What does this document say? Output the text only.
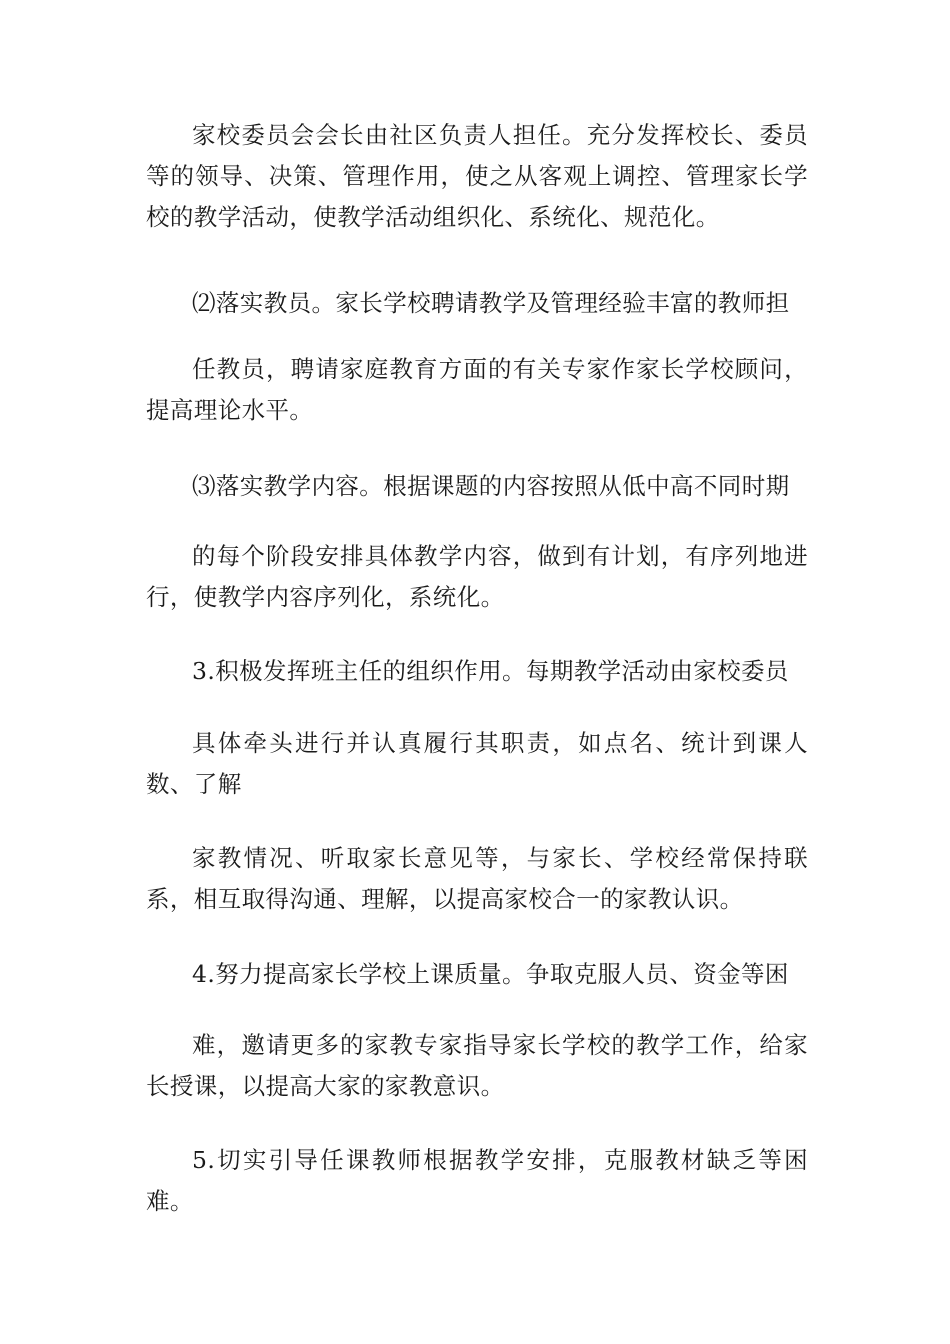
家校委员会会长由社区负责人担任。充分发挥校长、委员等的领导、决策、管理作用，使之从客观上调控、管理家长学校的教学活动，使教学活动组织化、系统化、规范化。

⑵落实教员。家长学校聘请教学及管理经验丰富的教师担

任教员，聘请家庭教育方面的有关专家作家长学校顾问，提高理论水平。

⑶落实教学内容。根据课题的内容按照从低中高不同时期

的每个阶段安排具体教学内容，做到有计划，有序列地进行，使教学内容序列化，系统化。

3.积极发挥班主任的组织作用。每期教学活动由家校委员

具体牵头进行并认真履行其职责，如点名、统计到课人数、了解

家教情况、听取家长意见等，与家长、学校经常保持联系，相互取得沟通、理解，以提高家校合一的家教认识。

4.努力提高家长学校上课质量。争取克服人员、资金等困

难，邀请更多的家教专家指导家长学校的教学工作，给家长授课，以提高大家的家教意识。

5.切实引导任课教师根据教学安排，克服教材缺乏等困难。
